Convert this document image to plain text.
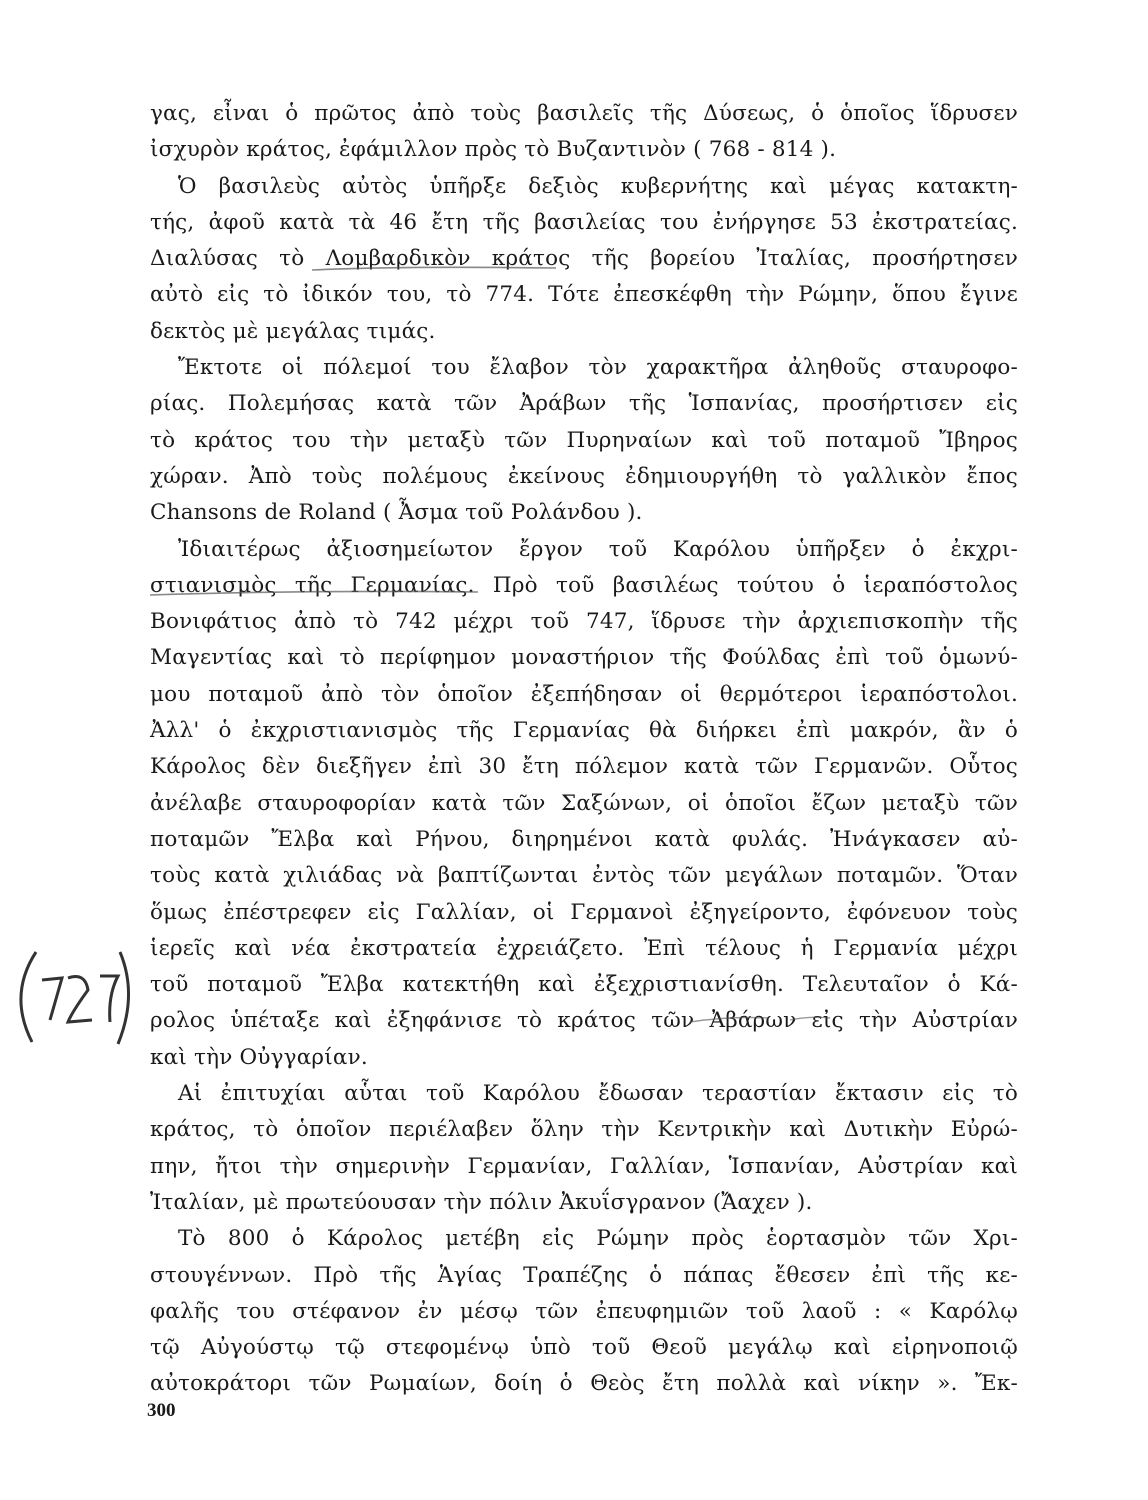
γας, εἶναι ὁ πρῶτος ἀπὸ τοὺς βασιλεῖς τῆς Δύσεως, ὁ ὁποῖος ἵδρυσεν
ἰσχυρὸν κράτος, ἐφάμιλλον πρὸς τὸ Βυζαντινὸν ( 768 - 814 ).
Ὁ βασιλεὺς αὐτὸς ὑπῆρξε δεξιὸς κυβερνήτης καὶ μέγας κατακτη-
τής, ἀφοῦ κατὰ τὰ 46 ἔτη τῆς βασιλείας του ἐνήργησε 53 ἐκστρατείας.
Διαλύσας τὸ Λομβαρδικὸν κράτος τῆς βορείου Ἰταλίας, προσήρτησεν
αὐτὸ εἰς τὸ ἰδικόν του, τὸ 774. Τότε ἐπεσκέφθη τὴν Ρώμην, ὅπου ἔγινε
δεκτὸς μὲ μεγάλας τιμάς.
Ἔκτοτε οἱ πόλεμοί του ἔλαβον τὸν χαρακτῆρα ἀληθοῦς σταυροφο-
ρίας. Πολεμήσας κατὰ τῶν Ἀράβων τῆς Ἱσπανίας, προσήρτισεν εἰς
τὸ κράτος του τὴν μεταξὺ τῶν Πυρηναίων καὶ τοῦ ποταμοῦ Ἴβηρος
χώραν. Ἀπὸ τοὺς πολέμους ἐκείνους ἐδημιουργήθη τὸ γαλλικὸν ἔπος
Chansons de Roland ( Ἆσμα τοῦ Ρολάνδου ).
Ἰδιαιτέρως ἀξιοσημείωτον ἔργον τοῦ Καρόλου ὑπῆρξεν ὁ ἐκχρι-
στιανισμὸς τῆς Γερμανίας. Πρὸ τοῦ βασιλέως τούτου ὁ ἱεραπόστολος
Βονιφάτιος ἀπὸ τὸ 742 μέχρι τοῦ 747, ἵδρυσε τὴν ἀρχιεπισκοπὴν τῆς
Μαγεντίας καὶ τὸ περίφημον μοναστήριον τῆς Φούλδας ἐπὶ τοῦ ὁμωνύ-
μου ποταμοῦ ἀπὸ τὸν ὁποῖον ἐξεπήδησαν οἱ θερμότεροι ἱεραπόστολοι.
Ἀλλ' ὁ ἐκχριστιανισμὸς τῆς Γερμανίας θὰ διήρκει ἐπὶ μακρόν, ἂν ὁ
Κάρολος δὲν διεξῆγεν ἐπὶ 30 ἔτη πόλεμον κατὰ τῶν Γερμανῶν. Οὗτος
ἀνέλαβε σταυροφορίαν κατὰ τῶν Σαξώνων, οἱ ὁποῖοι ἔζων μεταξὺ τῶν
ποταμῶν Ἔλβα καὶ Ρήνου, διηρημένοι κατὰ φυλάς. Ἠνάγκασεν αὐ-
τοὺς κατὰ χιλιάδας νὰ βαπτίζωνται ἐντὸς τῶν μεγάλων ποταμῶν. Ὅταν
ὅμως ἐπέστρεφεν εἰς Γαλλίαν, οἱ Γερμανοὶ ἐξηγείροντο, ἐφόνευον τοὺς
ἱερεῖς καὶ νέα ἐκστρατεία ἐχρειάζετο. Ἐπὶ τέλους ἡ Γερμανία μέχρι
τοῦ ποταμοῦ Ἔλβα κατεκτήθη καὶ ἐξεχριστιανίσθη. Τελευταῖον ὁ Κά-
ρολος ὑπέταξε καὶ ἐξηφάνισε τὸ κράτος τῶν Ἀβάρων εἰς τὴν Αὐστρίαν
καὶ τὴν Οὐγγαρίαν.
Αἱ ἐπιτυχίαι αὗται τοῦ Καρόλου ἔδωσαν τεραστίαν ἔκτασιν εἰς τὸ
κράτος, τὸ ὁποῖον περιέλαβεν ὅλην τὴν Κεντρικὴν καὶ Δυτικὴν Εὐρώ-
πην, ἤτοι τὴν σημερινὴν Γερμανίαν, Γαλλίαν, Ἱσπανίαν, Αὐστρίαν καὶ
Ἰταλίαν, μὲ πρωτεύουσαν τὴν πόλιν Ἀκυΐσγρανον (Ἄαχεν ).
Τὸ 800 ὁ Κάρολος μετέβη εἰς Ρώμην πρὸς ἑορτασμὸν τῶν Χρι-
στουγέννων. Πρὸ τῆς Ἁγίας Τραπέζης ὁ πάπας ἔθεσεν ἐπὶ τῆς κε-
φαλῆς του στέφανον ἐν μέσῳ τῶν ἐπευφημιῶν τοῦ λαοῦ : « Καρόλῳ
τῷ Αὐγούστῳ τῷ στεφομένῳ ὑπὸ τοῦ Θεοῦ μεγάλῳ καὶ εἰρηνοποιῷ
αὐτοκράτορι τῶν Ρωμαίων, δοίη ὁ Θεὸς ἔτη πολλὰ καὶ νίκην ». Ἔκ-
300
